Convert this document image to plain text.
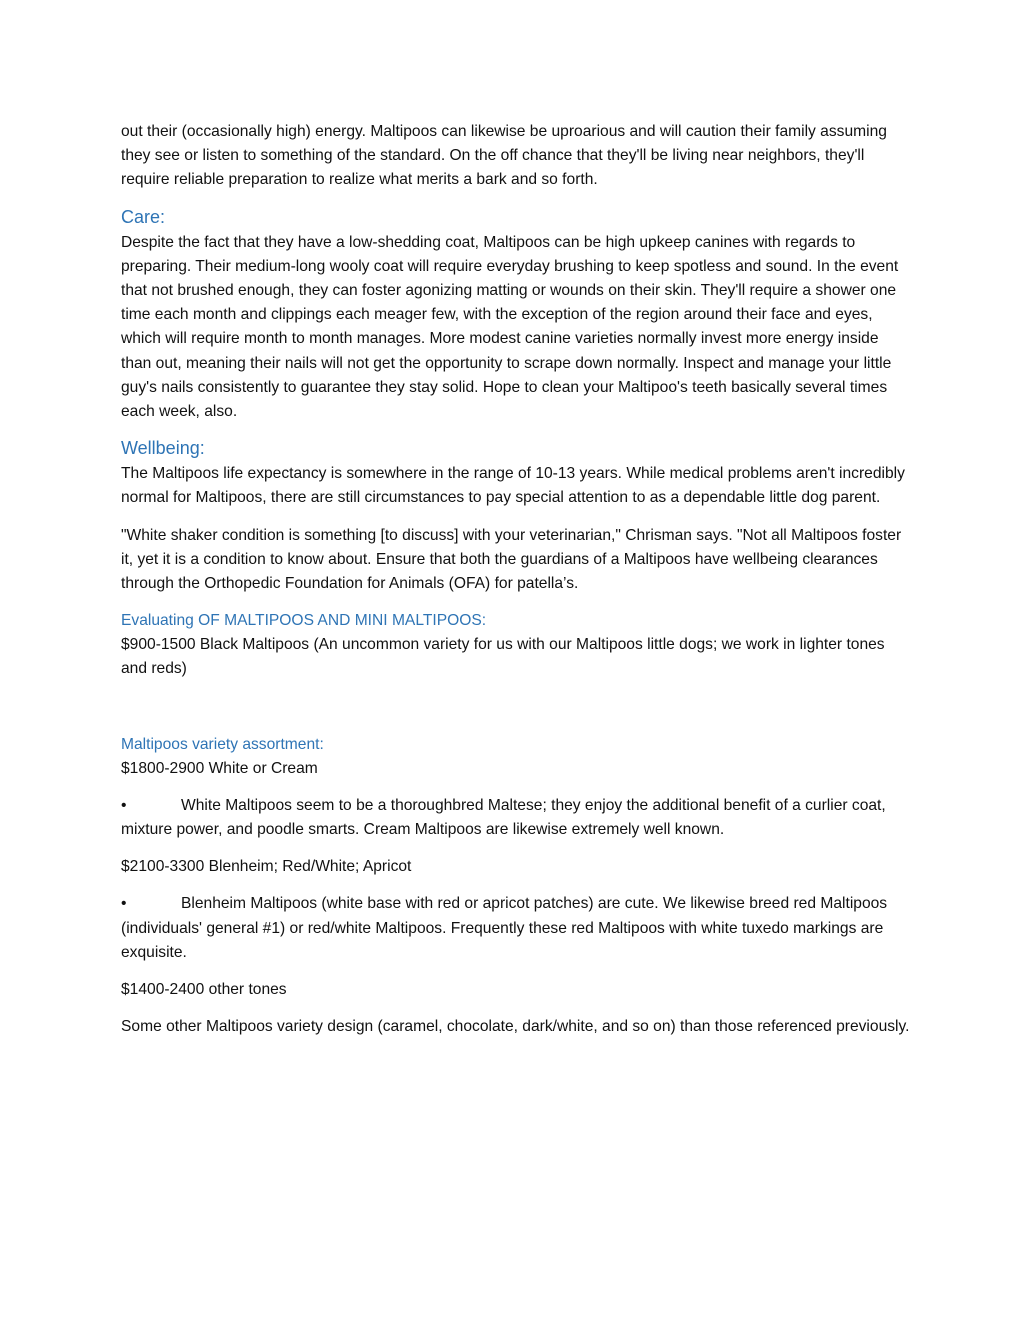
out their (occasionally high) energy. Maltipoos can likewise be uproarious and will caution their family assuming they see or listen to something of the standard. On the off chance that they'll be living near neighbors, they'll require reliable preparation to realize what merits a bark and so forth.

Care:

Despite the fact that they have a low-shedding coat, Maltipoos can be high upkeep canines with regards to preparing. Their medium-long wooly coat will require everyday brushing to keep spotless and sound. In the event that not brushed enough, they can foster agonizing matting or wounds on their skin. They'll require a shower one time each month and clippings each meager few, with the exception of the region around their face and eyes, which will require month to month manages. More modest canine varieties normally invest more energy inside than out, meaning their nails will not get the opportunity to scrape down normally. Inspect and manage your little guy's nails consistently to guarantee they stay solid. Hope to clean your Maltipoo's teeth basically several times each week, also.

Wellbeing:

The Maltipoos life expectancy is somewhere in the range of 10-13 years. While medical problems aren't incredibly normal for Maltipoos, there are still circumstances to pay special attention to as a dependable little dog parent.

"White shaker condition is something [to discuss] with your veterinarian," Chrisman says. "Not all Maltipoos foster it, yet it is a condition to know about. Ensure that both the guardians of a Maltipoos have wellbeing clearances through the Orthopedic Foundation for Animals (OFA) for patella’s.

Evaluating OF MALTIPOOS AND MINI MALTIPOOS:

$900-1500 Black Maltipoos (An uncommon variety for us with our Maltipoos little dogs; we work in lighter tones and reds)

Maltipoos variety assortment:

$1800-2900 White or Cream

•	White Maltipoos seem to be a thoroughbred Maltese; they enjoy the additional benefit of a curlier coat, mixture power, and poodle smarts. Cream Maltipoos are likewise extremely well known.

$2100-3300 Blenheim; Red/White; Apricot

•	Blenheim Maltipoos (white base with red or apricot patches) are cute. We likewise breed red Maltipoos (individuals' general #1) or red/white Maltipoos. Frequently these red Maltipoos with white tuxedo markings are exquisite.

$1400-2400 other tones

Some other Maltipoos variety design (caramel, chocolate, dark/white, and so on) than those referenced previously.
